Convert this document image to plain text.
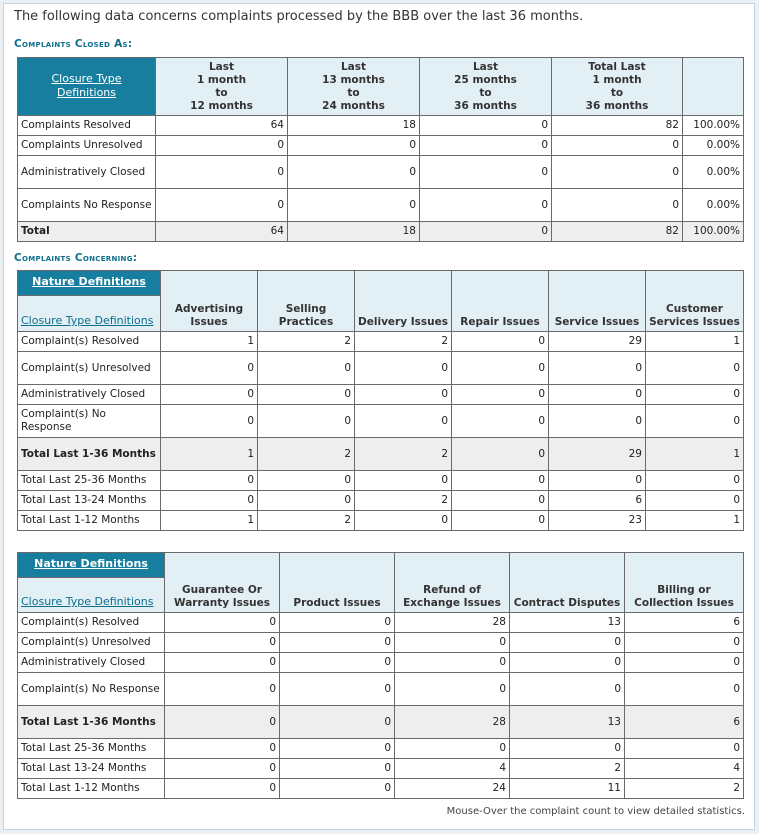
The following data concerns complaints processed by the BBB over the last 36 months.
Complaints Closed As:
Closure Type Definitions	Last
1 month
to
12 months	Last
13 months
to
24 months	Last
25 months
to
36 months	Total Last
1 month
to
36 months	
Complaints Resolved	64	18	0	82	100.00%
Complaints Unresolved	0	0	0	0	0.00%
Administratively Closed	0	0	0	0	0.00%
Complaints No Response	0	0	0	0	0.00%
Total	64	18	0	82	100.00%
Complaints Concerning:
Nature Definitions
Closure Type Definitions	Advertising Issues	Selling Practices	Delivery Issues	Repair Issues	Service Issues	Customer Services Issues
Complaint(s) Resolved	1	2	2	0	29	1
Complaint(s) Unresolved	0	0	0	0	0	0
Administratively Closed	0	0	0	0	0	0
Complaint(s) No Response	0	0	0	0	0	0
Total Last 1-36 Months	1	2	2	0	29	1
Total Last 25-36 Months	0	0	0	0	0	0
Total Last 13-24 Months	0	0	2	0	6	0
Total Last 1-12 Months	1	2	0	0	23	1
Nature Definitions
Closure Type Definitions	Guarantee Or Warranty Issues	Product Issues	Refund of Exchange Issues	Contract Disputes	Billing or Collection Issues
Complaint(s) Resolved	0	0	28	13	6
Complaint(s) Unresolved	0	0	0	0	0
Administratively Closed	0	0	0	0	0
Complaint(s) No Response	0	0	0	0	0
Total Last 1-36 Months	0	0	28	13	6
Total Last 25-36 Months	0	0	0	0	0
Total Last 13-24 Months	0	0	4	2	4
Total Last 1-12 Months	0	0	24	11	2
Mouse-Over the complaint count to view detailed statistics.
